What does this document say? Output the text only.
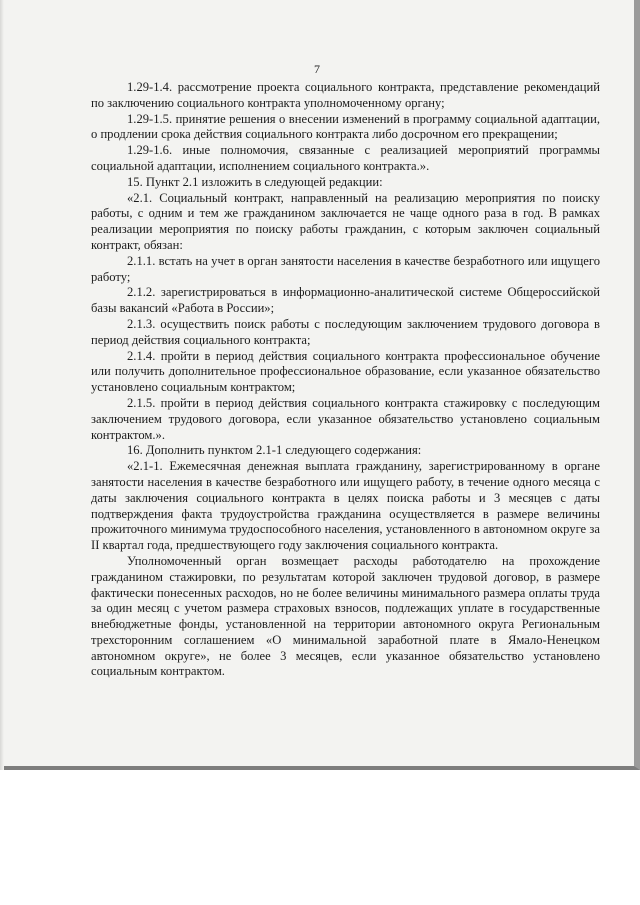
7

1.29-1.4. рассмотрение проекта социального контракта, представление рекомендаций по заключению социального контракта уполномоченному органу;

1.29-1.5. принятие решения о внесении изменений в программу социальной адаптации, о продлении срока действия социального контракта либо досрочном его прекращении;

1.29-1.6. иные полномочия, связанные с реализацией мероприятий программы социальной адаптации, исполнением социального контракта.».

15. Пункт 2.1 изложить в следующей редакции:

«2.1. Социальный контракт, направленный на реализацию мероприятия по поиску работы, с одним и тем же гражданином заключается не чаще одного раза в год. В рамках реализации мероприятия по поиску работы гражданин, с которым заключен социальный контракт, обязан:

2.1.1. встать на учет в орган занятости населения в качестве безработного или ищущего работу;

2.1.2. зарегистрироваться в информационно-аналитической системе Общероссийской базы вакансий «Работа в России»;

2.1.3. осуществить поиск работы с последующим заключением трудового договора в период действия социального контракта;

2.1.4. пройти в период действия социального контракта профессиональное обучение или получить дополнительное профессиональное образование, если указанное обязательство установлено социальным контрактом;

2.1.5. пройти в период действия социального контракта стажировку с последующим заключением трудового договора, если указанное обязательство установлено социальным контрактом.».

16. Дополнить пунктом 2.1-1 следующего содержания:

«2.1-1. Ежемесячная денежная выплата гражданину, зарегистрированному в органе занятости населения в качестве безработного или ищущего работу, в течение одного месяца с даты заключения социального контракта в целях поиска работы и 3 месяцев с даты подтверждения факта трудоустройства гражданина осуществляется в размере величины прожиточного минимума трудоспособного населения, установленного в автономном округе за II квартал года, предшествующего году заключения социального контракта.

Уполномоченный орган возмещает расходы работодателю на прохождение гражданином стажировки, по результатам которой заключен трудовой договор, в размере фактически понесенных расходов, но не более величины минимального размера оплаты труда за один месяц с учетом размера страховых взносов, подлежащих уплате в государственные внебюджетные фонды, установленной на территории автономного округа Региональным трехсторонним соглашением «О минимальной заработной плате в Ямало-Ненецком автономном округе», не более 3 месяцев, если указанное обязательство установлено социальным контрактом.
